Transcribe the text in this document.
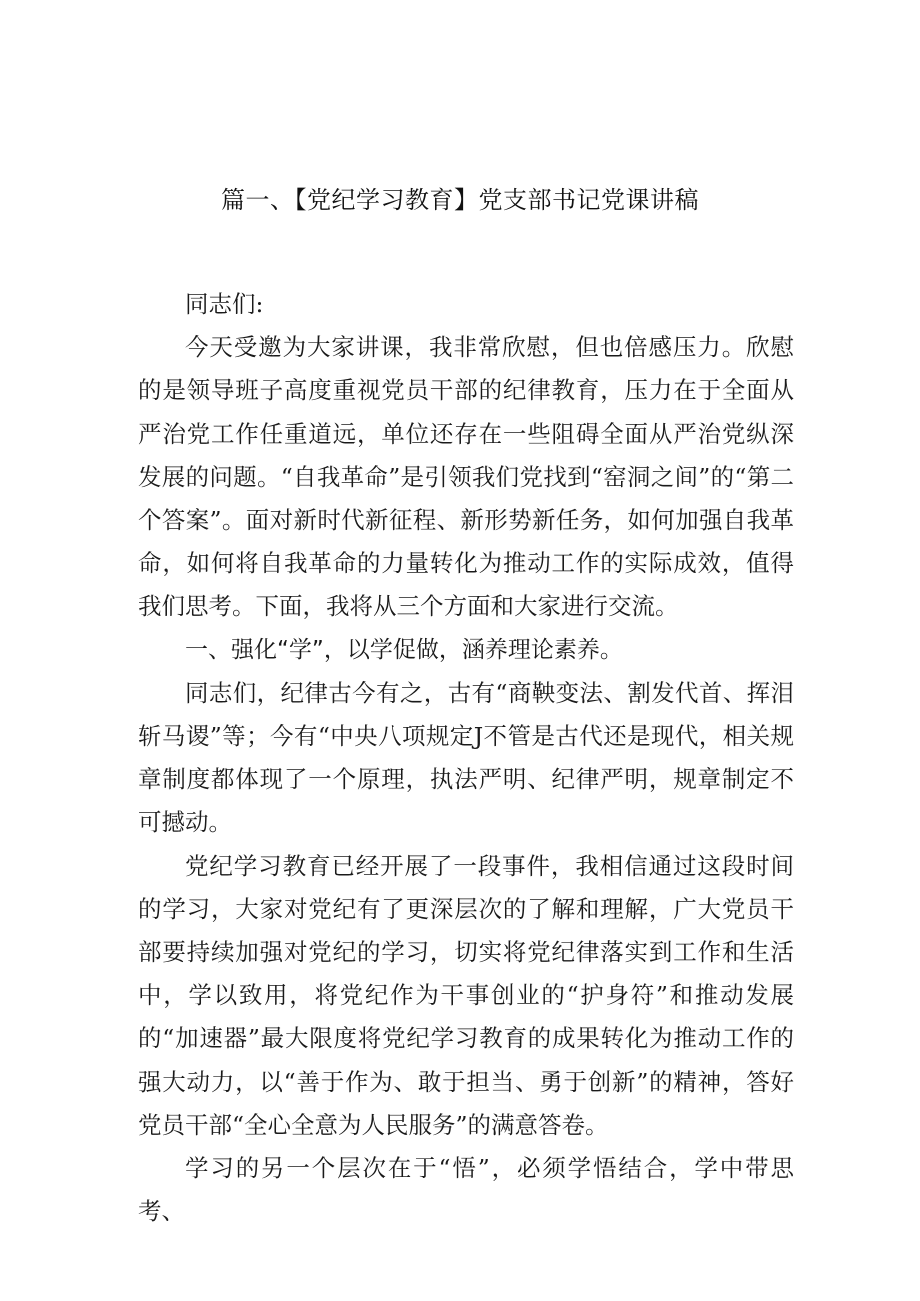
篇一、【党纪学习教育】党支部书记党课讲稿

同志们:

今天受邀为大家讲课，我非常欣慰，但也倍感压力。欣慰的是领导班子高度重视党员干部的纪律教育，压力在于全面从严治党工作任重道远，单位还存在一些阻碍全面从严治党纵深发展的问题。“自我革命”是引领我们党找到“窑洞之间”的“第二个答案”。面对新时代新征程、新形势新任务，如何加强自我革命，如何将自我革命的力量转化为推动工作的实际成效，值得我们思考。下面，我将从三个方面和大家进行交流。

一、强化“学”，以学促做，涵养理论素养。

同志们，纪律古今有之，古有“商鞅变法、割发代首、挥泪斩马谡”等；今有“中央八项规定J不管是古代还是现代，相关规章制度都体现了一个原理，执法严明、纪律严明，规章制定不可撼动。

党纪学习教育已经开展了一段事件，我相信通过这段时间的学习，大家对党纪有了更深层次的了解和理解，广大党员干部要持续加强对党纪的学习，切实将党纪律落实到工作和生活中，学以致用，将党纪作为干事创业的“护身符”和推动发展的“加速器”最大限度将党纪学习教育的成果转化为推动工作的强大动力，以“善于作为、敢于担当、勇于创新”的精神，答好党员干部“全心全意为人民服务”的满意答卷。

学习的另一个层次在于“悟”，必须学悟结合，学中带思考、
